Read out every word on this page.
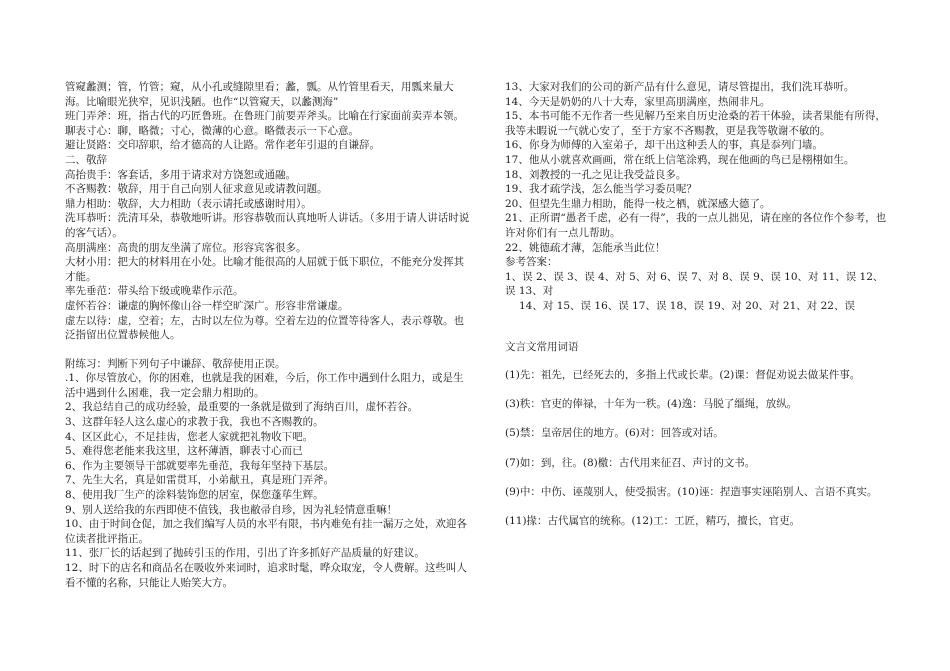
管窥蠡测；管，竹管；窥，从小孔或缝隙里看；蠡，瓢。从竹管里看天，用瓢来量大海。比喻眼光狭窄，见识浅陋。也作“以管窥天，以蠡测海”

班门弄斧：班，指古代的巧匠鲁班。在鲁班门前要弄斧头。比喻在行家面前卖弄本领。

聊表寸心：聊，略微；寸心，微薄的心意。略微表示一下心意。

避让贤路：交印辞职，给才德高的人让路。常作老年引退的自谦辞。

二、敬辞

高抬贵手：客套话，多用于请求对方饶恕或通融。

不吝赐教：敬辞，用于自己向别人征求意见或请教问题。

鼎力相助：敬辞，大力相助（表示请托或感谢时用）。

洗耳恭听：洗清耳朵，恭敬地听讲。形容恭敬而认真地听人讲话。（多用于请人讲话时说的客气话）。

高朋满座：高贵的朋友坐满了席位。形容宾客很多。

大材小用：把大的材料用在小处。比喻才能很高的人屈就于低下职位，不能充分发挥其才能。

率先垂范：带头给下级或晚辈作示范。

虚怀若谷：谦虚的胸怀像山谷一样空旷深广。形容非常谦虚。

虚左以待：虚，空着；左，古时以左位为尊。空着左边的位置等待客人，表示尊敬。也泛指留出位置恭候他人。

附练习：判断下列句子中谦辞、敬辞使用正误。

.1、你尽管放心，你的困难，也就是我的困难，今后，你工作中遇到什么阻力，或是生活中遇到什么困难，我一定会鼎力相助的。

2、我总结自己的成功经验，最重要的一条就是做到了海纳百川，虚怀若谷。

3、这群年轻人这么虚心的求教于我，我也不吝赐教的。

4、区区此心，不足挂齿，您老人家就把礼物收下吧。

5、难得您老能来我这里，这杯薄酒，聊表寸心而已

6、作为主要领导干部就要率先垂范，我每年坚持下基层。

7、先生大名，真是如雷贯耳，小弟献丑，真是班门弄斧。

8、使用我厂生产的涂料装饰您的居室，保您蓬荜生辉。

9、别人送给我的东西即使不值钱，我也敝帚自珍，因为礼轻情意重嘛！

10、由于时间仓促，加之我们编写人员的水平有限，书内难免有挂一漏万之处，欢迎各位读者批评指正。

11、张厂长的话起到了抛砖引玉的作用，引出了许多抓好产品质量的好建议。

12、时下的店名和商品名在吸收外来词时，追求时髦，哗众取宠，令人费解。这些叫人看不懂的名称，只能让人贻笑大方。

13、大家对我们的公司的新产品有什么意见，请尽管提出，我们洗耳恭听。

14、今天是奶奶的八十大寿，家里高朋满座，热闹非凡。

15、本书可能不无作者一些见解乃至来自历史沧桑的若干体验，读者果能有所得，我等未暇说一气就心安了，至于方家不吝赐教，更是我等敬谢不敏的。

16、你身为师傅的入室弟子，却干出这种丢人的事，真是忝列门墙。

17、他从小就喜欢画画，常在纸上信笔涂鸦，现在他画的鸟已是栩栩如生。

18、刘教授的一孔之见让我受益良多。

19、我才疏学浅，怎么能当学习委员呢？

20、但望先生鼎力相助，能得一枝之栖，就深感大德了。

21、正所谓“愚者千虑，必有一得”，我的一点儿拙见，请在座的各位作个参考，也许对你们有一点儿帮助。

22、姚德疏才薄，怎能承当此位！

参考答案：

1、误 2、误 3、误 4、对 5、对 6、误 7、对 8、误 9、误 10、对 11、误 12、误 13、对

14、对 15、误 16、误 17、误 18、误 19、对 20、对 21、对 22、误

文言文常用词语

(1)先：祖先，已经死去的，多指上代或长辈。(2)课：督促劝说去做某件事。

(3)秩：官吏的俸禄，十年为一秩。(4)逸：马脱了缰绳，放纵。

(5)禁：皇帝居住的地方。(6)对：回答或对话。

(7)如：到，往。(8)檄：古代用来征召、声讨的文书。

(9)中：中伤、诬蔑别人，使受损害。(10)诬：捏造事实诬陷别人、言语不真实。

(11)掾：古代属官的统称。(12)工：工匠，精巧，擅长，官吏。
